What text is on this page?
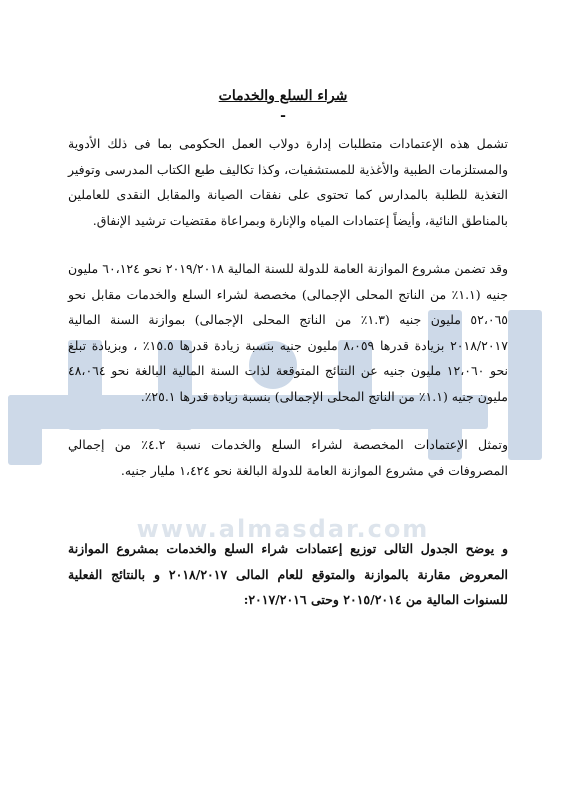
www.almasdar.com
شراء السلع والخدمات
-
تشمل هذه الإعتمادات متطلبات إدارة دولاب العمل الحكومى بما فى ذلك الأدوية والمستلزمات الطبية والأغذية للمستشفيات، وكذا تكاليف طبع الكتاب المدرسى وتوفير التغذية للطلبة بالمدارس كما تحتوى على نفقات الصيانة والمقابل النقدى للعاملين بالمناطق النائية، وأيضاً إعتمادات المياه والإنارة وبمراعاة مقتضيات ترشيد الإنفاق.
وقد تضمن مشروع الموازنة العامة للدولة للسنة المالية ٢٠١٩/٢٠١٨ نحو ٦٠،١٢٤ مليون جنيه (١.١٪ من الناتج المحلى الإجمالى) مخصصة لشراء السلع والخدمات مقابل نحو ٥٢،٠٦٥ مليون جنيه (١.٣٪ من الناتج المحلى الإجمالى) بموازنة السنة المالية ٢٠١٨/٢٠١٧ بزيادة قدرها ٨،٠٥٩ مليون جنيه بنسبة زيادة قدرها ١٥.٥٪ ، وبزيادة تبلغ نحو ١٢،٠٦٠ مليون جنيه عن النتائج المتوقعة لذات السنة المالية البالغة نحو ٤٨،٠٦٤ مليون جنيه (١.١٪ من الناتج المحلى الإجمالى) بنسبة زيادة قدرها ٢٥.١٪.
وتمثل الإعتمادات المخصصة لشراء السلع والخدمات نسبة ٤.٢٪ من إجمالي المصروفات في مشروع الموازنة العامة للدولة البالغة نحو ١،٤٢٤ مليار جنيه.
و يوضح الجدول التالى توزيع إعتمادات شراء السلع والخدمات بمشروع الموازنة المعروض مقارنة بالموازنة والمتوقع للعام المالى ٢٠١٨/٢٠١٧ و بالنتائج الفعلية للسنوات المالية من ٢٠١٥/٢٠١٤ وحتى ٢٠١٧/٢٠١٦:
